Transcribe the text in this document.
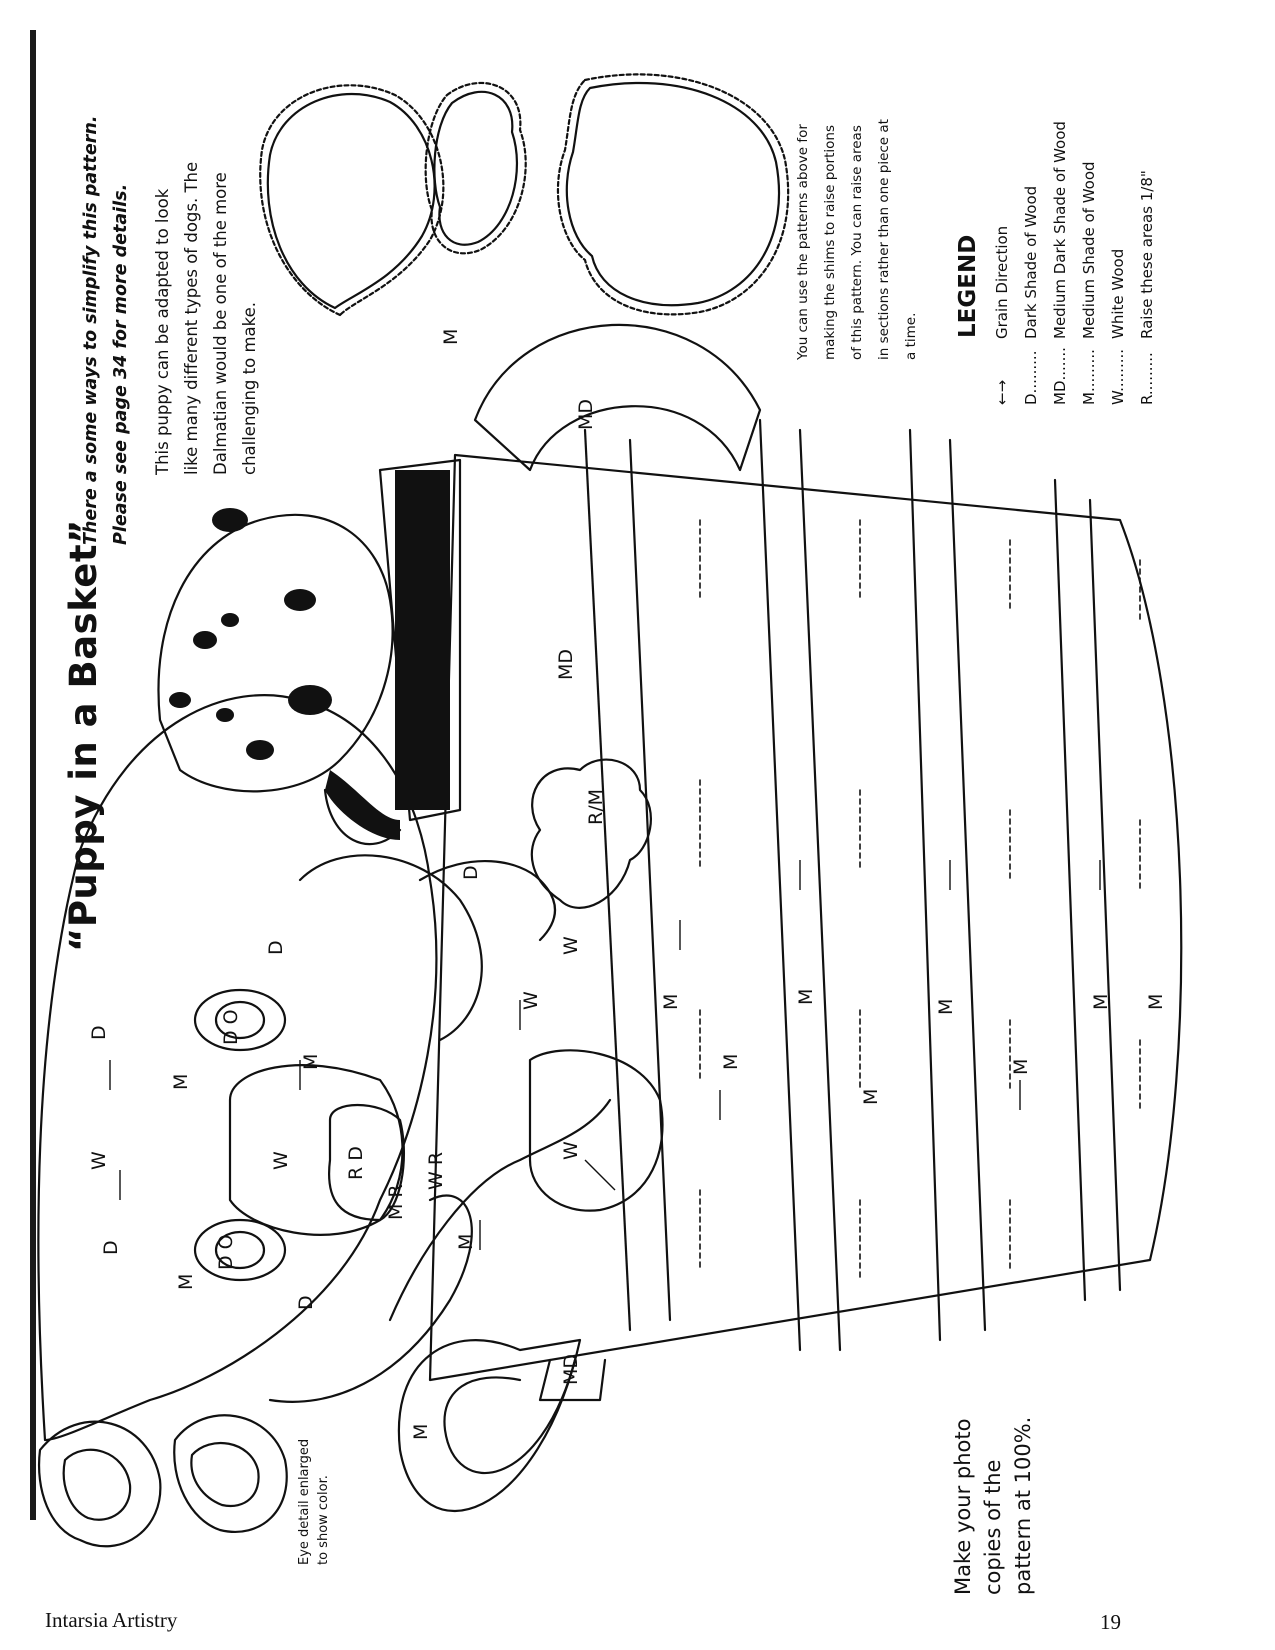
“Puppy in a Basket”
There a some ways to simplify this pattern. Please see page 34 for more details.	This puppy can be adapted to look like many different types of dogs. The Dalmatian would be one of the more challenging to make.
You can use the patterns above for making the shims to raise portions of this pattern. You can raise areas in sections rather than one piece at a time. LEGEND
←→Grain Direction
D.........Dark Shade of Wood
MD.......Medium Dark Shade of Wood
M.........Medium Shade of Wood
W.........White Wood
R.........Raise these areas 1/8"
Make your photo copies of the pattern at 100%.
Eye detail enlarged to show color.
W
D
D
W
W
W
M
M
M
M
R D
M R
W R
D O
D O
D
D
D
MD
MD
MD
M
M
M
M
M
M
M
M
M M
W
R/M
Intarsia Artistry	19
